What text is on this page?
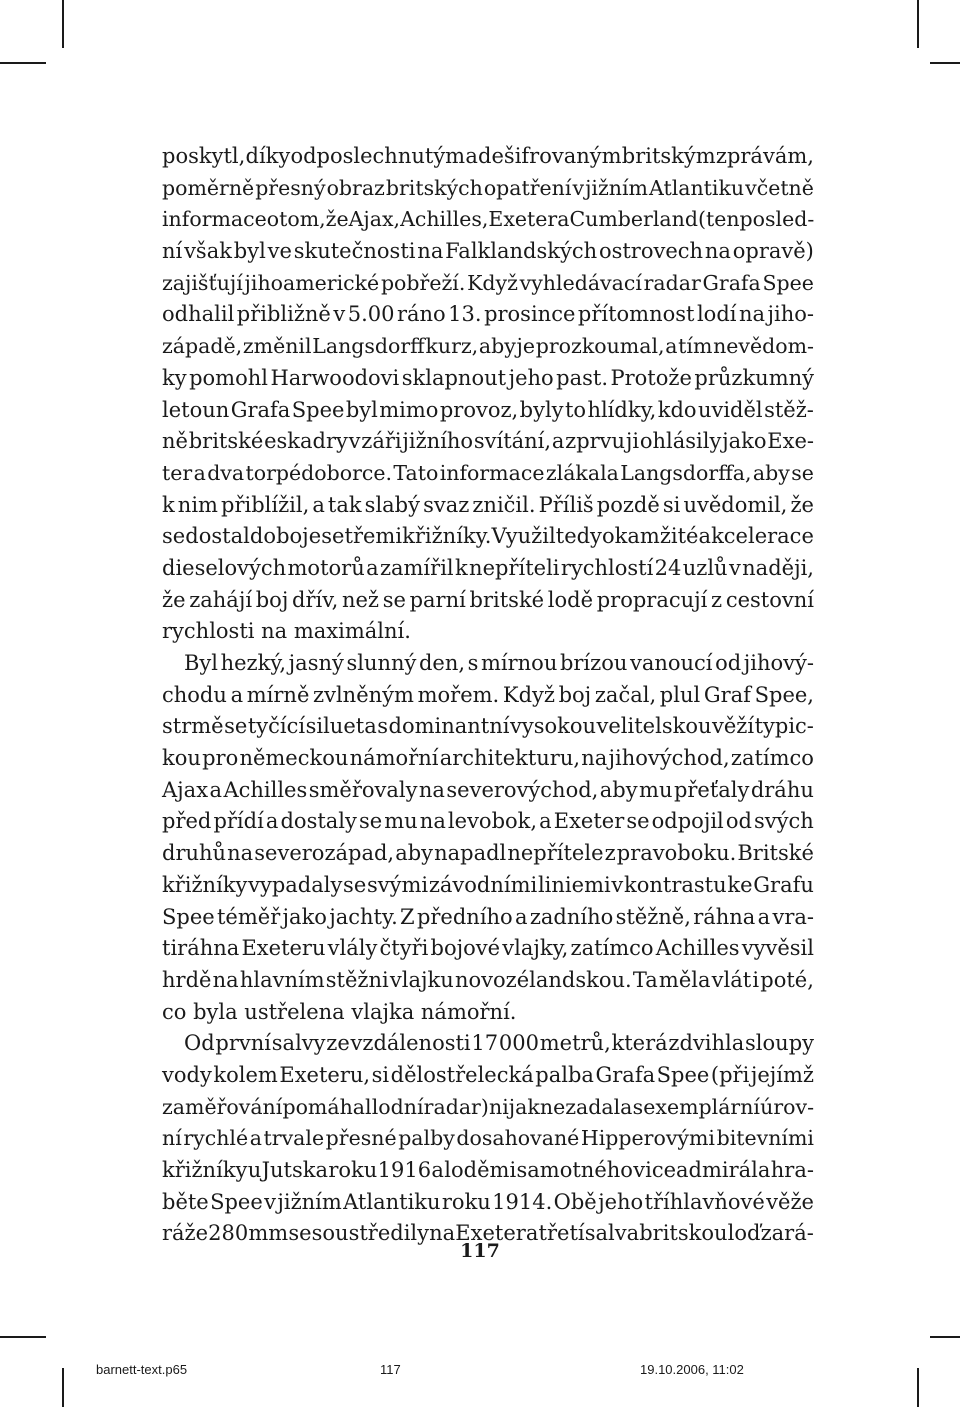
poskytl, díky odposlechnutým a dešifrovaným britským zprávám,
poměrně přesný obraz britských opatření v jižním Atlantiku včetně
informace o tom, že Ajax, Achilles, Exeter a Cumberland (ten posled-
ní však byl ve skutečnosti na Falklandských ostrovech na opravě)
zajišťují jihoamerické pobřeží. Když vyhledávací radar Grafa Spee
odhalil přibližně v 5.00 ráno 13. prosince přítomnost lodí na jiho-
západě, změnil Langsdorff kurz, aby je prozkoumal, a tím nevědom-
ky pomohl Harwoodovi sklapnout jeho past. Protože průzkumný
letoun Grafa Spee byl mimo provoz, byly to hlídky, kdo uviděl stěž-
ně britské eskadry v záři jižního svítání, a zprvu ji ohlásily jako Exe-
ter a dva torpédoborce. Tato informace zlákala Langsdorffa, aby se
k nim přiblížil, a tak slabý svaz zničil. Příliš pozdě si uvědomil, že
se dostal do boje se třemi křižníky. Využil tedy okamžité akcelerace
dieselových motorů a zamířil k nepříteli rychlostí 24 uzlů v naději,
že zahájí boj dřív, než se parní britské lodě propracují z cestovní
rychlosti na maximální.
Byl hezký, jasný slunný den, s mírnou brízou vanoucí od jihový-
chodu a mírně zvlněným mořem. Když boj začal, plul Graf Spee,
strmě se tyčící silueta s dominantní vysokou velitelskou věží typic-
kou pro německou námořní architekturu, na jihovýchod, zatímco
Ajax a Achilles směřovaly na severovýchod, aby mu přeťaly dráhu
před přídí a dostaly se mu na levobok, a Exeter se odpojil od svých
druhů na severozápad, aby napadl nepřítele z pravoboku. Britské
křižníky vypadaly se svými závodními liniemi v kontrastu ke Grafu
Spee téměř jako jachty. Z předního a zadního stěžně, ráhna a vra-
tiráhna Exeteru vlály čtyři bojové vlajky, zatímco Achilles vyvěsil
hrdě na hlavním stěžni vlajku novozélandskou. Ta měla vlát i poté,
co byla ustřelena vlajka námořní.
Od první salvy ze vzdálenosti 17 000 metrů, která zdvihla sloupy
vody kolem Exeteru, si dělostřelecká palba Grafa Spee (při jejímž
zaměřování pomáhal lodní radar) nijak nezadala s exemplární úrov-
ní rychlé a trvale přesné palby dosahované Hipperovými bitevními
křižníky u Jutska roku 1916 a loděmi samotného viceadmirála hra-
běte Spee v jižním Atlantiku roku 1914. Obě jeho tříhlavňové věže
ráže 280 mm se soustředily na Exeter a třetí salva britskou loď zará-
117
barnett-text.p65	117	19.10.2006, 11:02
